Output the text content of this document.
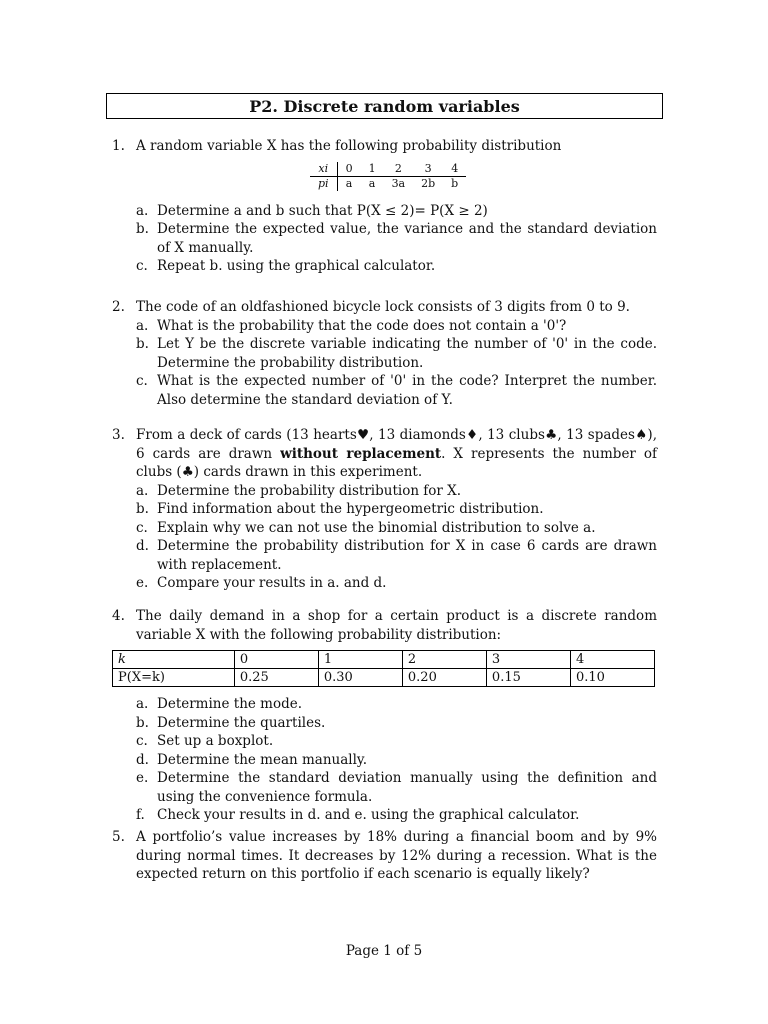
P2. Discrete random variables
1. A random variable X has the following probability distribution
xi	0	1	2	3	4
pi	a	a	3a	2b	b
a. Determine a and b such that P(X ≤ 2)= P(X ≥ 2)
b. Determine the expected value, the variance and the standard deviation of X manually.
c. Repeat b. using the graphical calculator.
2. The code of an oldfashioned bicycle lock consists of 3 digits from 0 to 9.
a. What is the probability that the code does not contain a '0'?
b. Let Y be the discrete variable indicating the number of '0' in the code. Determine the probability distribution.
c. What is the expected number of '0' in the code? Interpret the number. Also determine the standard deviation of Y.
3. From a deck of cards (13 hearts♥, 13 diamonds♦, 13 clubs♣, 13 spades♠), 6 cards are drawn without replacement. X represents the number of clubs (♣) cards drawn in this experiment.
a. Determine the probability distribution for X.
b. Find information about the hypergeometric distribution.
c. Explain why we can not use the binomial distribution to solve a.
d. Determine the probability distribution for X in case 6 cards are drawn with replacement.
e. Compare your results in a. and d.
4. The daily demand in a shop for a certain product is a discrete random variable X with the following probability distribution:
k	0	1	2	3	4
P(X=k)	0.25	0.30	0.20	0.15	0.10
a. Determine the mode.
b. Determine the quartiles.
c. Set up a boxplot.
d. Determine the mean manually.
e. Determine the standard deviation manually using the definition and using the convenience formula.
f. Check your results in d. and e. using the graphical calculator.
5. A portfolio’s value increases by 18% during a financial boom and by 9% during normal times. It decreases by 12% during a recession. What is the expected return on this portfolio if each scenario is equally likely?
Page 1 of 5
